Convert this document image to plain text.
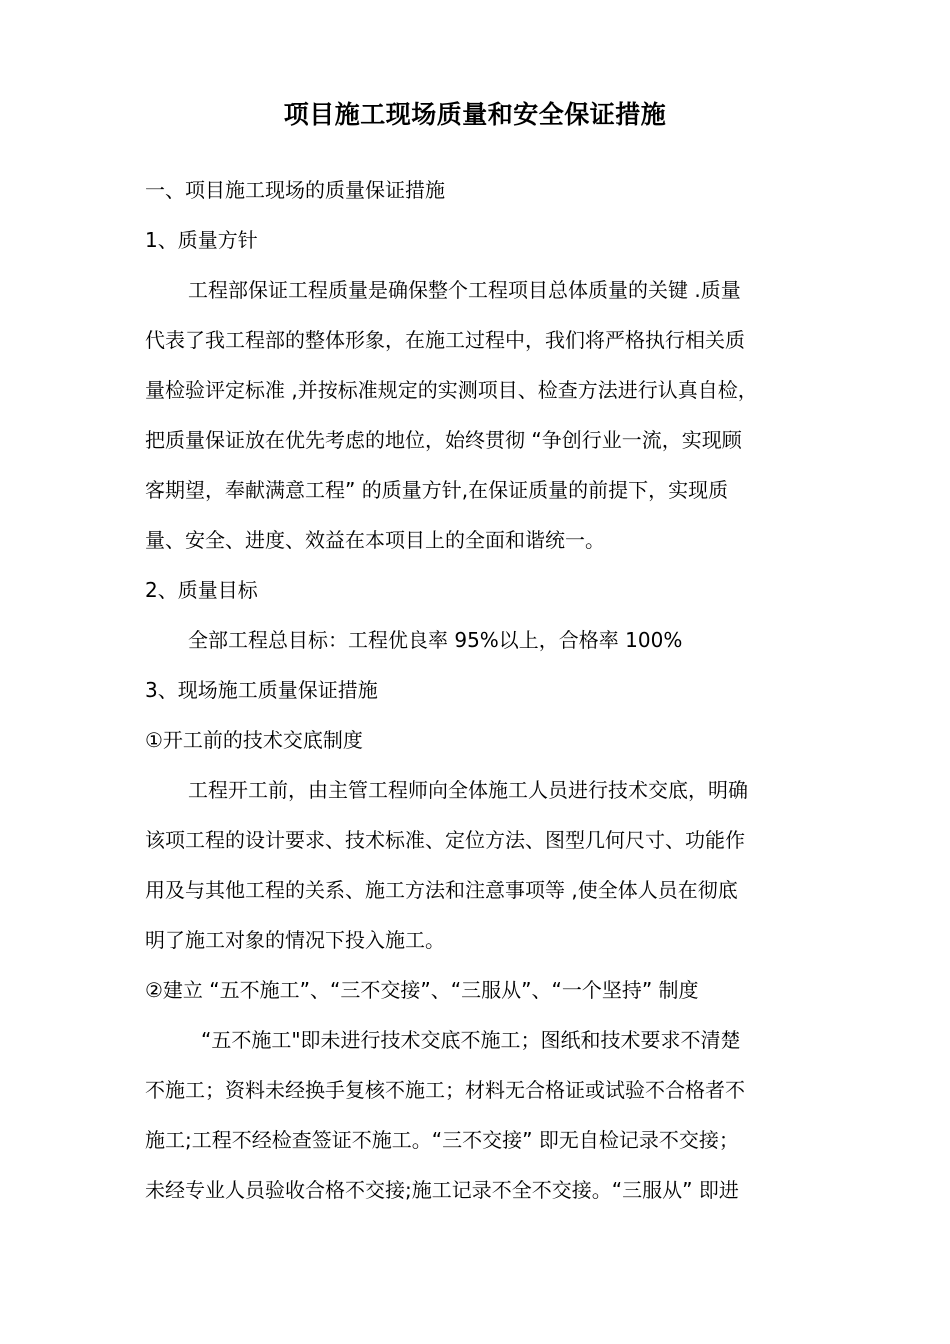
项目施工现场质量和安全保证措施

一、项目施工现场的质量保证措施

1、质量方针

工程部保证工程质量是确保整个工程项目总体质量的关键 .质量

代表了我工程部的整体形象，在施工过程中，我们将严格执行相关质

量检验评定标准 ,并按标准规定的实测项目、检查方法进行认真自检，

把质量保证放在优先考虑的地位，始终贯彻 “争创行业一流，实现顾

客期望，奉献满意工程” 的质量方针,在保证质量的前提下，实现质

量、安全、进度、效益在本项目上的全面和谐统一。

2、质量目标

全部工程总目标：工程优良率 95%以上，合格率 100%

3、现场施工质量保证措施

①开工前的技术交底制度

工程开工前，由主管工程师向全体施工人员进行技术交底，明确

该项工程的设计要求、技术标准、定位方法、图型几何尺寸、功能作

用及与其他工程的关系、施工方法和注意事项等 ,使全体人员在彻底

明了施工对象的情况下投入施工。

②建立 “五不施工”、“三不交接”、“三服从”、“一个坚持” 制度

“五不施工"即未进行技术交底不施工；图纸和技术要求不清楚

不施工；资料未经换手复核不施工；材料无合格证或试验不合格者不

施工;工程不经检查签证不施工。“三不交接” 即无自检记录不交接；

未经专业人员验收合格不交接;施工记录不全不交接。“三服从” 即进
